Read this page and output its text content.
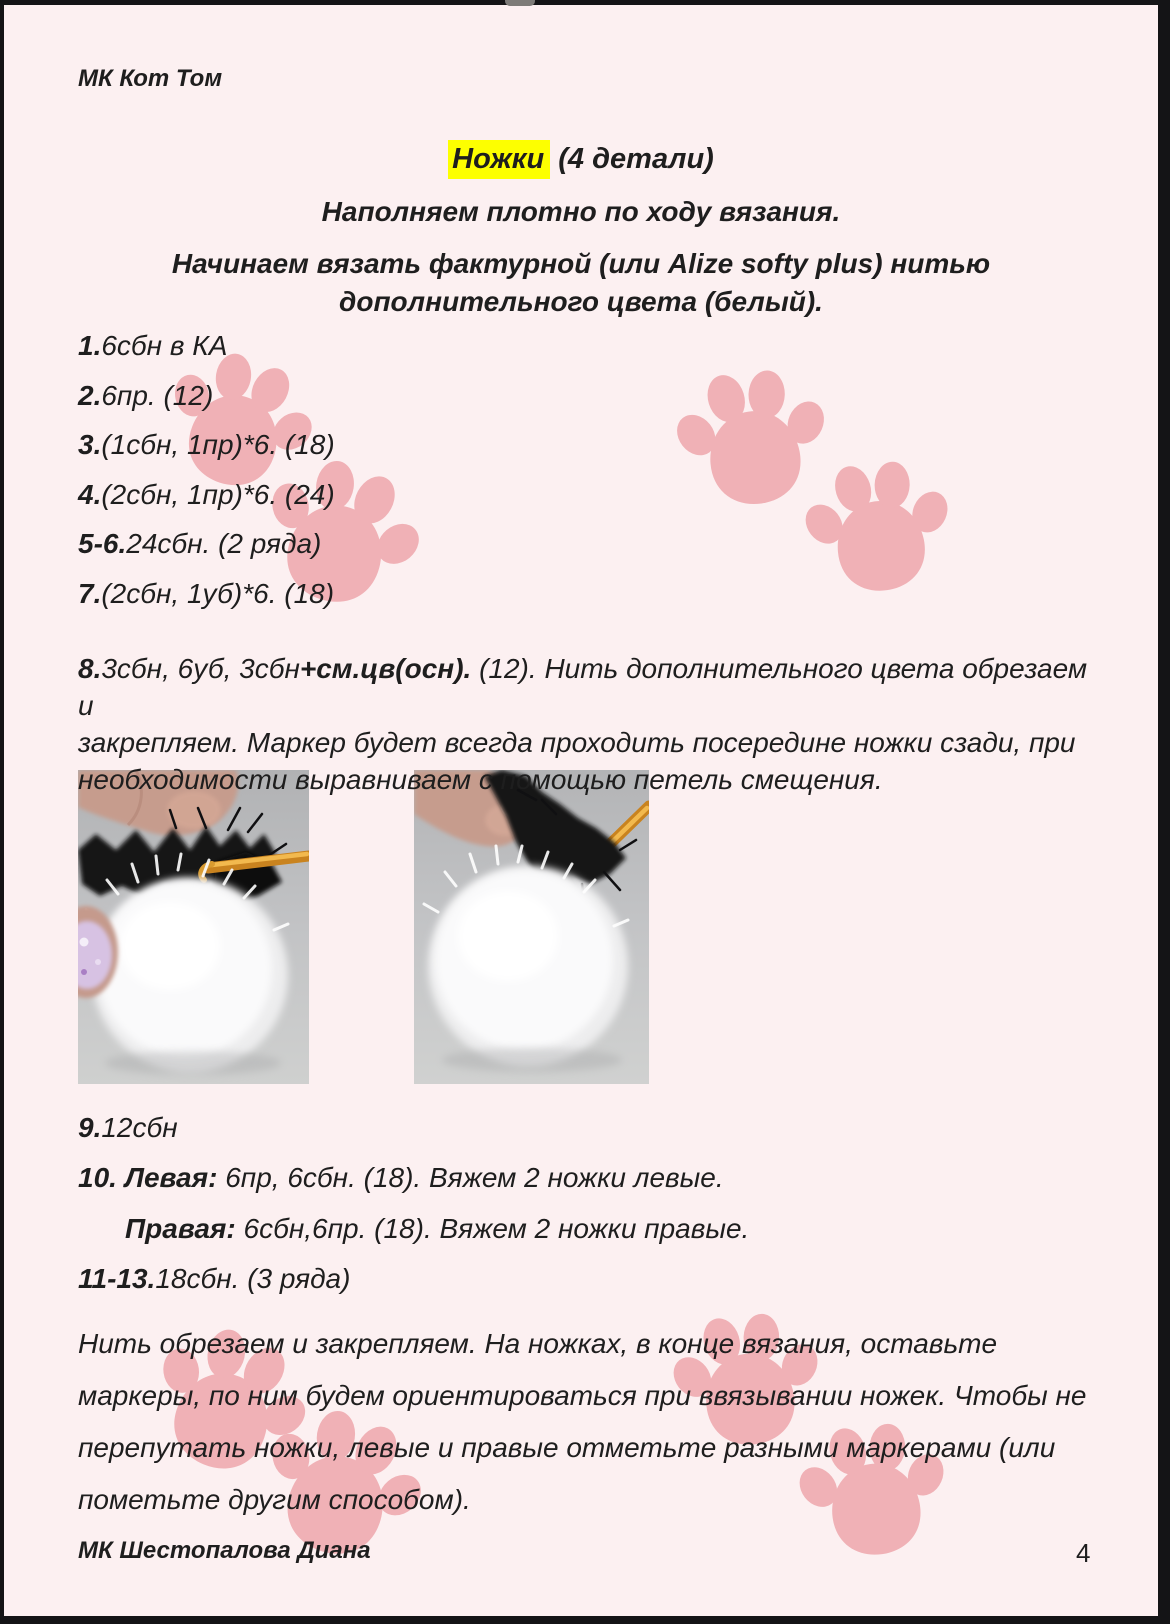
МК Кот Том
Ножки (4 детали)
Наполняем плотно по ходу вязания.
Начинаем вязать фактурной (или Alize softy plus) нитью
дополнительного цвета (белый).
1.6сбн в КА
2.6пр. (12)
3.(1сбн, 1пр)*6. (18)
4.(2сбн, 1пр)*6. (24)
5-6.24сбн. (2 ряда)
7.(2сбн, 1уб)*6. (18)
8.3сбн, 6уб, 3сбн+см.цв(осн). (12). Нить дополнительного цвета обрезаем и
закрепляем. Маркер будет всегда проходить посередине ножки сзади, при
необходимости выравниваем с помощью петель смещения.
9.12сбн
10. Левая: 6пр, 6сбн. (18). Вяжем 2 ножки левые.
Правая: 6сбн,6пр. (18). Вяжем 2 ножки правые.
11-13.18сбн. (3 ряда)
Нить обрезаем и закрепляем. На ножках, в конце вязания, оставьте
маркеры, по ним будем ориентироваться при ввязывании ножек. Чтобы не
перепутать ножки, левые и правые отметьте разными маркерами (или
пометьте другим способом).
МК Шестопалова Диана	4
